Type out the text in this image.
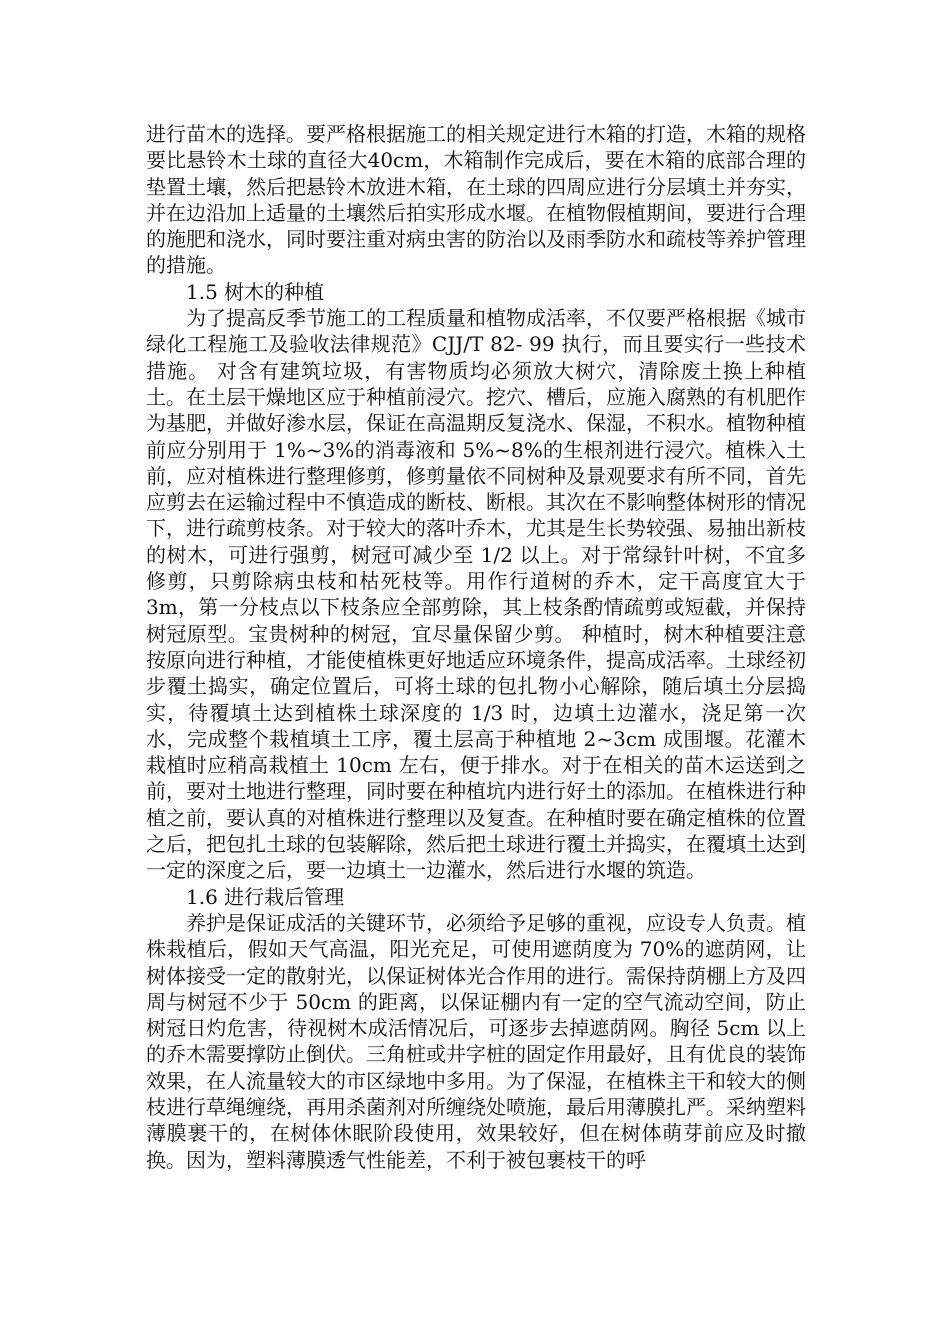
进行苗木的选择。要严格根据施工的相关规定进行木箱的打造，木箱的规格要比悬铃木土球的直径大40cm，木箱制作完成后，要在木箱的底部合理的垫置土壤，然后把悬铃木放进木箱，在土球的四周应进行分层填土并夯实，并在边沿加上适量的土壤然后拍实形成水堰。在植物假植期间，要进行合理的施肥和浇水，同时要注重对病虫害的防治以及雨季防水和疏枝等养护管理的措施。

1.5 树木的种植

为了提高反季节施工的工程质量和植物成活率，不仅要严格根据《城市绿化工程施工及验收法律规范》CJJ/T 82- 99 执行，而且要实行一些技术措施。 对含有建筑垃圾，有害物质均必须放大树穴，清除废土换上种植土。在土层干燥地区应于种植前浸穴。挖穴、槽后，应施入腐熟的有机肥作为基肥，并做好渗水层，保证在高温期反复浇水、保湿，不积水。植物种植前应分别用于 1%~3%的消毒液和 5%~8%的生根剂进行浸穴。植株入土前，应对植株进行整理修剪，修剪量依不同树种及景观要求有所不同，首先应剪去在运输过程中不慎造成的断枝、断根。其次在不影响整体树形的情况下，进行疏剪枝条。对于较大的落叶乔木，尤其是生长势较强、易抽出新枝的树木，可进行强剪，树冠可减少至 1/2 以上。对于常绿针叶树，不宜多修剪，只剪除病虫枝和枯死枝等。用作行道树的乔木，定干高度宜大于 3m，第一分枝点以下枝条应全部剪除，其上枝条酌情疏剪或短截，并保持树冠原型。宝贵树种的树冠，宜尽量保留少剪。 种植时，树木种植要注意按原向进行种植，才能使植株更好地适应环境条件，提高成活率。土球经初步覆土捣实，确定位置后，可将土球的包扎物小心解除，随后填土分层捣实，待覆填土达到植株土球深度的 1/3 时，边填土边灌水，浇足第一次水，完成整个栽植填土工序，覆土层高于种植地 2~3cm 成围堰。花灌木栽植时应稍高栽植土 10cm 左右，便于排水。对于在相关的苗木运送到之前，要对土地进行整理，同时要在种植坑内进行好土的添加。在植株进行种植之前，要认真的对植株进行整理以及复查。在种植时要在确定植株的位置之后，把包扎土球的包装解除，然后把土球进行覆土并捣实，在覆填土达到一定的深度之后，要一边填土一边灌水，然后进行水堰的筑造。

1.6 进行栽后管理

养护是保证成活的关键环节，必须给予足够的重视，应设专人负责。植株栽植后，假如天气高温，阳光充足，可使用遮荫度为 70%的遮荫网，让树体接受一定的散射光，以保证树体光合作用的进行。需保持荫棚上方及四周与树冠不少于 50cm 的距离，以保证棚内有一定的空气流动空间，防止树冠日灼危害，待视树木成活情况后，可逐步去掉遮荫网。胸径 5cm 以上的乔木需要撑防止倒伏。三角桩或井字桩的固定作用最好，且有优良的装饰效果，在人流量较大的市区绿地中多用。为了保湿，在植株主干和较大的侧枝进行草绳缠绕，再用杀菌剂对所缠绕处喷施，最后用薄膜扎严。采纳塑料薄膜裹干的，在树体休眠阶段使用，效果较好，但在树体萌芽前应及时撤换。因为，塑料薄膜透气性能差，不利于被包裹枝干的呼
